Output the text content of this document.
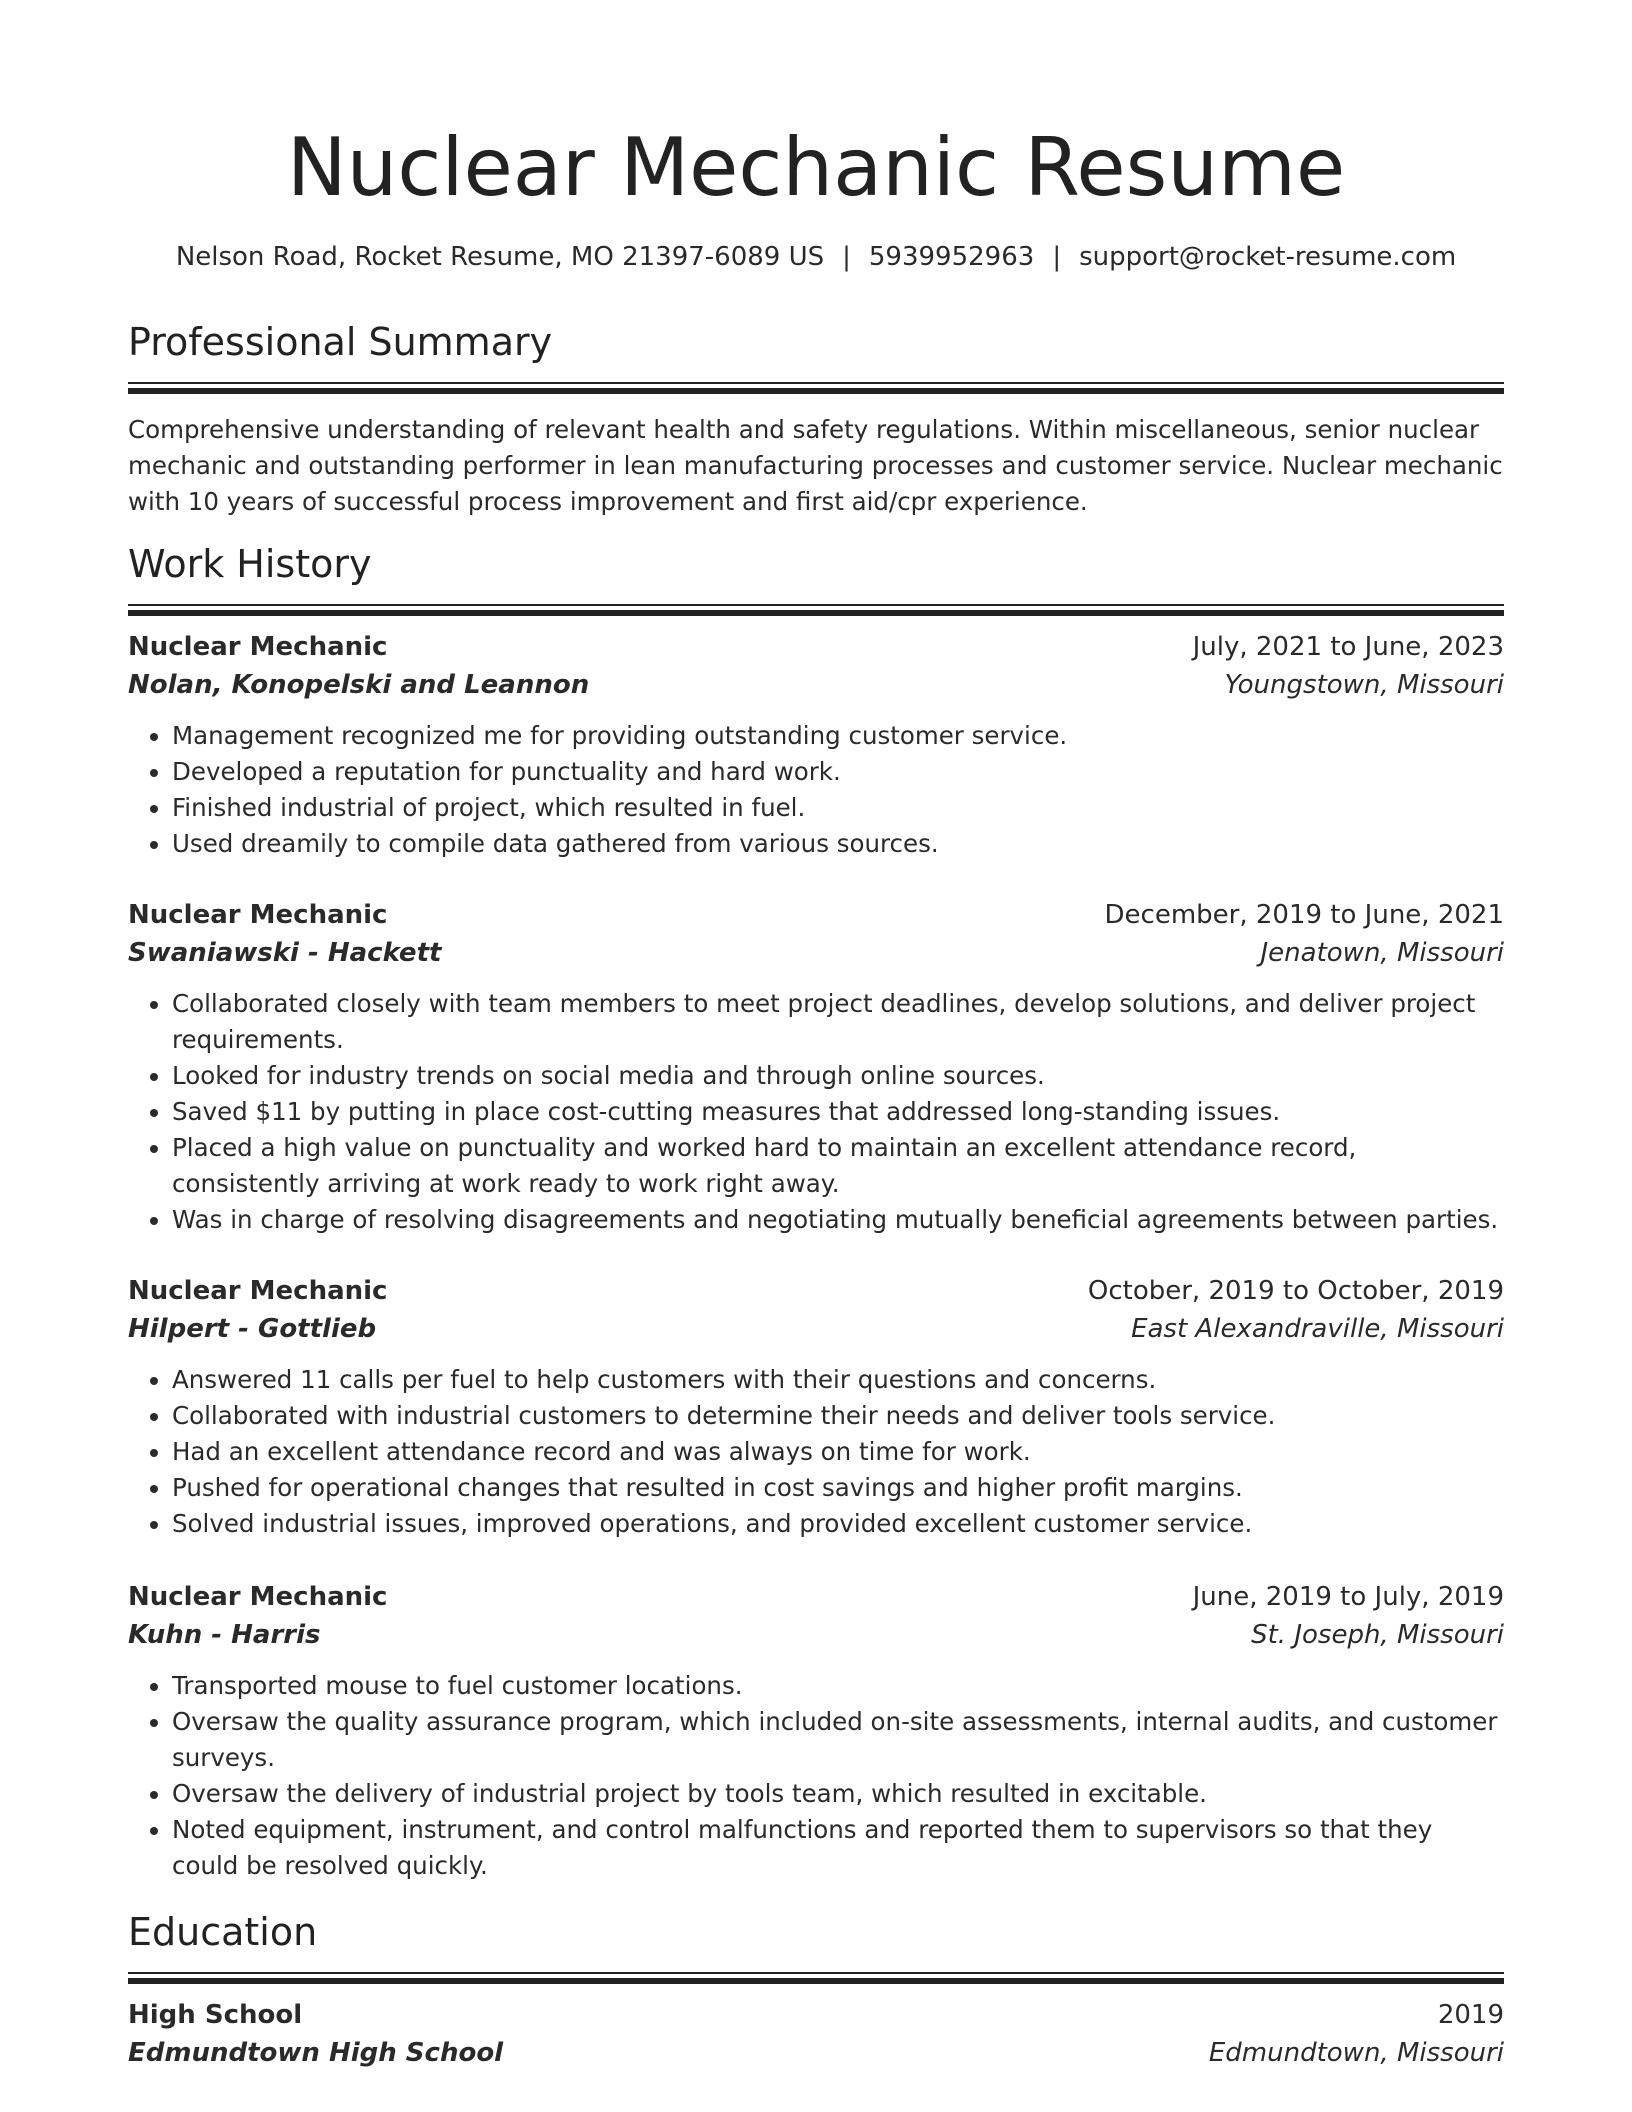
Nuclear Mechanic Resume
Nelson Road, Rocket Resume, MO 21397-6089 US | 5939952963 | support@rocket-resume.com
Professional Summary
Comprehensive understanding of relevant health and safety regulations. Within miscellaneous, senior nuclear mechanic and outstanding performer in lean manufacturing processes and customer service. Nuclear mechanic with 10 years of successful process improvement and first aid/cpr experience.
Work History
Nuclear Mechanic	July, 2021 to June, 2023
Nolan, Konopelski and Leannon	Youngstown, Missouri
• Management recognized me for providing outstanding customer service.
• Developed a reputation for punctuality and hard work.
• Finished industrial of project, which resulted in fuel.
• Used dreamily to compile data gathered from various sources.
Nuclear Mechanic	December, 2019 to June, 2021
Swaniawski - Hackett	Jenatown, Missouri
• Collaborated closely with team members to meet project deadlines, develop solutions, and deliver project requirements.
• Looked for industry trends on social media and through online sources.
• Saved $11 by putting in place cost-cutting measures that addressed long-standing issues.
• Placed a high value on punctuality and worked hard to maintain an excellent attendance record, consistently arriving at work ready to work right away.
• Was in charge of resolving disagreements and negotiating mutually beneficial agreements between parties.
Nuclear Mechanic	October, 2019 to October, 2019
Hilpert - Gottlieb	East Alexandraville, Missouri
• Answered 11 calls per fuel to help customers with their questions and concerns.
• Collaborated with industrial customers to determine their needs and deliver tools service.
• Had an excellent attendance record and was always on time for work.
• Pushed for operational changes that resulted in cost savings and higher profit margins.
• Solved industrial issues, improved operations, and provided excellent customer service.
Nuclear Mechanic	June, 2019 to July, 2019
Kuhn - Harris	St. Joseph, Missouri
• Transported mouse to fuel customer locations.
• Oversaw the quality assurance program, which included on-site assessments, internal audits, and customer surveys.
• Oversaw the delivery of industrial project by tools team, which resulted in excitable.
• Noted equipment, instrument, and control malfunctions and reported them to supervisors so that they could be resolved quickly.
Education
High School	2019
Edmundtown High School	Edmundtown, Missouri
